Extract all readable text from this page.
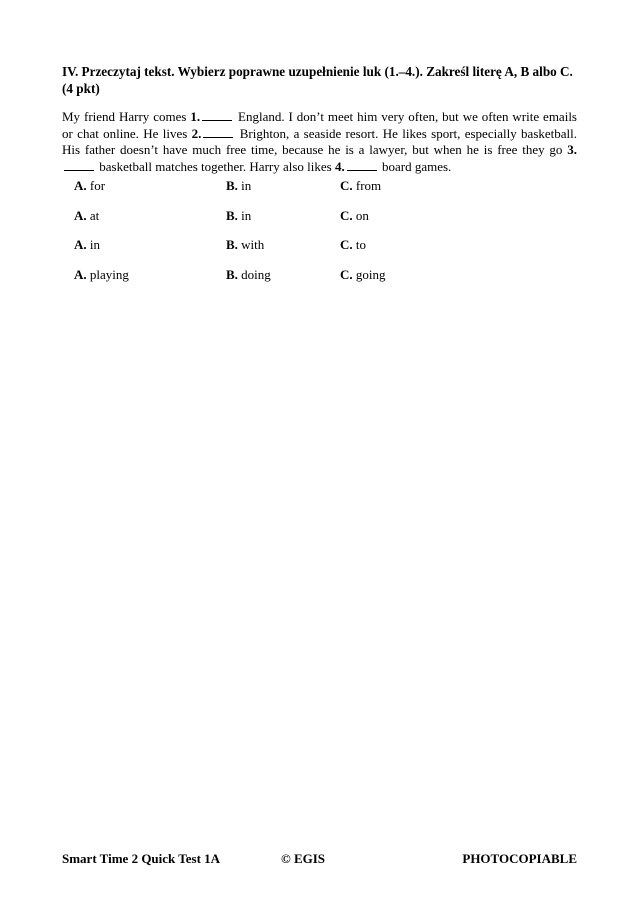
IV. Przeczytaj tekst. Wybierz poprawne uzupełnienie luk (1.–4.). Zakreśl literę A, B albo C.
(4 pkt)

My friend Harry comes 1.	England. I don’t meet him very often, but we often write emails or chat online. He lives 2.	Brighton, a seaside resort. He likes sport, especially basketball. His father doesn’t have much free time, because he is a lawyer, but when he is free they go 3. basketball matches together. Harry also likes 4.	board games.

A. for	B. in	C. from
A. at	B. in	C. on
A. in	B. with	C. to
A. playing	B. doing	C. going
Smart Time 2 Quick Test 1A	© EGIS	PHOTOCOPIABLE
